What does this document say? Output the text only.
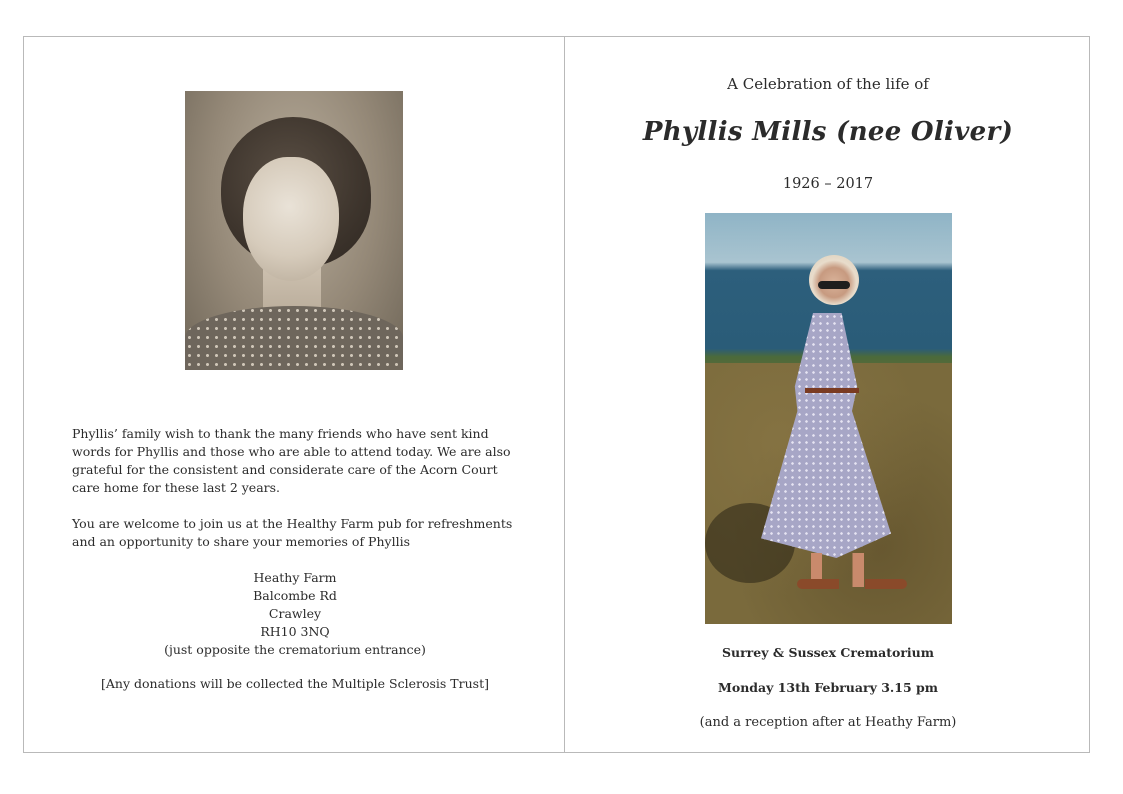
Phyllis’ family wish to thank the many friends who have sent kind words for Phyllis and those who are able to attend today. We are also grateful for the consistent and considerate care of the Acorn Court care home for these last 2 years.

You are welcome to join us at the Healthy Farm pub for refreshments and an opportunity to share your memories of Phyllis

Heathy Farm
Balcombe Rd
Crawley
RH10 3NQ
(just opposite the crematorium entrance)
[Any donations will be collected the Multiple Sclerosis Trust]
A Celebration of the life of
Phyllis Mills (nee Oliver)
1926 – 2017
Surrey & Sussex Crematorium
Monday 13th February 3.15 pm
(and a reception after at Heathy Farm)
